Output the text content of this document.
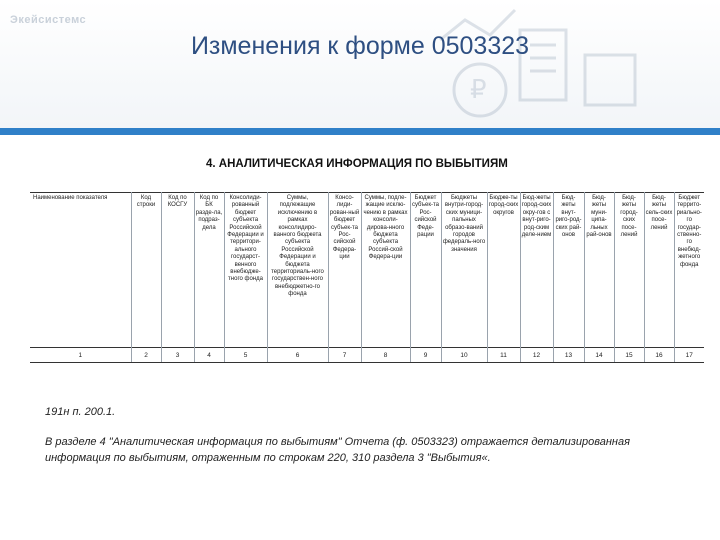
Экейсистемс
₽
Изменения к форме 0503323
4. АНАЛИТИЧЕСКАЯ ИНФОРМАЦИЯ ПО ВЫБЫТИЯМ
Наименование показателя	Код строки	Код по КОСГУ	Код по БК разде-ла, подраз-дела	Консолиди-рованный бюджет субъекта Российской Федерации и территори-ального государст-венного внебюдже-тного фонда	Суммы, подлежащие исключению в рамках консолидиро-ванного бюджета субъекта Российской Федерации и бюджета территориаль-ного государствен-ного внебюджетно-го фонда	Консо-лиди-рован-ный бюджет субъек-та Рос-сийской Федера-ции	Суммы, подле-жащие исклю-чению в рамках консоли-дирова-нного бюджета субъекта Россий-ской Федера-ции	Бюджет субъек-та Рос-сийской Феде-рации	Бюджеты внутри-город-ских муници-пальных образо-ваний городов федераль-ного значения	Бюдже-ты город-ских округов	Бюд-жеты город-ских окру-гов с внут-риго-род-ским деле-нием	Бюд-жеты внут-риго-род-ских рай-онов	Бюд-жеты муни-ципа-льных рай-онов	Бюд-жеты город-ских посе-лений	Бюд-жеты сель-ских посе-лений	Бюджет террито-риально-го государ-ственно-го внебюд-жетного фонда
1	2	3	4	5	6	7	8	9	10	11	12	13	14	15	16	17
191н п. 200.1.
В разделе 4 "Аналитическая информация по выбытиям" Отчета (ф. 0503323) отражается детализированная информация по выбытиям, отраженным по строкам 220, 310 раздела 3 "Выбытия«.
